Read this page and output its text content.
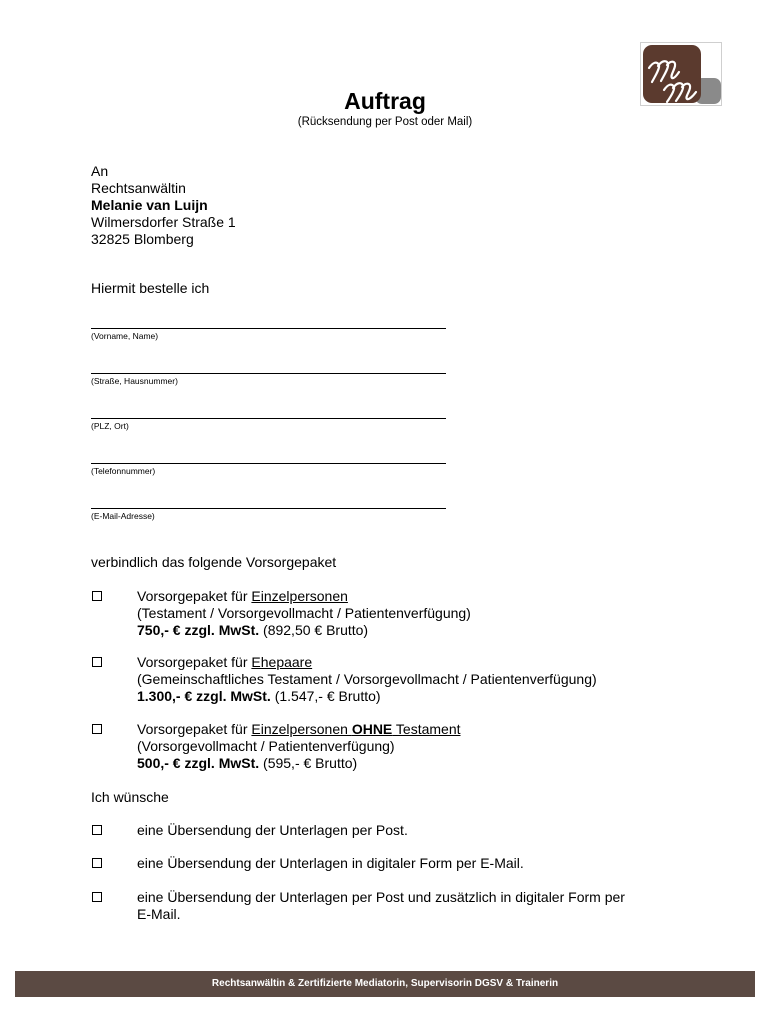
Auftrag
(Rücksendung per Post oder Mail)
An
Rechtsanwältin
Melanie van Luijn
Wilmersdorfer Straße 1
32825 Blomberg
Hiermit bestelle ich
(Vorname, Name)
(Straße, Hausnummer)
(PLZ, Ort)
(Telefonnummer)
(E-Mail-Adresse)
verbindlich das folgende Vorsorgepaket
Vorsorgepaket für Einzelpersonen
(Testament / Vorsorgevollmacht / Patientenverfügung)
750,- € zzgl. MwSt. (892,50 € Brutto)
Vorsorgepaket für Ehepaare
(Gemeinschaftliches Testament / Vorsorgevollmacht / Patientenverfügung)
1.300,- € zzgl. MwSt. (1.547,- € Brutto)
Vorsorgepaket für Einzelpersonen OHNE Testament
(Vorsorgevollmacht / Patientenverfügung)
500,- € zzgl. MwSt. (595,- € Brutto)
Ich wünsche
eine Übersendung der Unterlagen per Post.
eine Übersendung der Unterlagen in digitaler Form per E-Mail.
eine Übersendung der Unterlagen per Post und zusätzlich in digitaler Form per
E-Mail.
Rechtsanwältin & Zertifizierte Mediatorin, Supervisorin DGSV & Trainerin
